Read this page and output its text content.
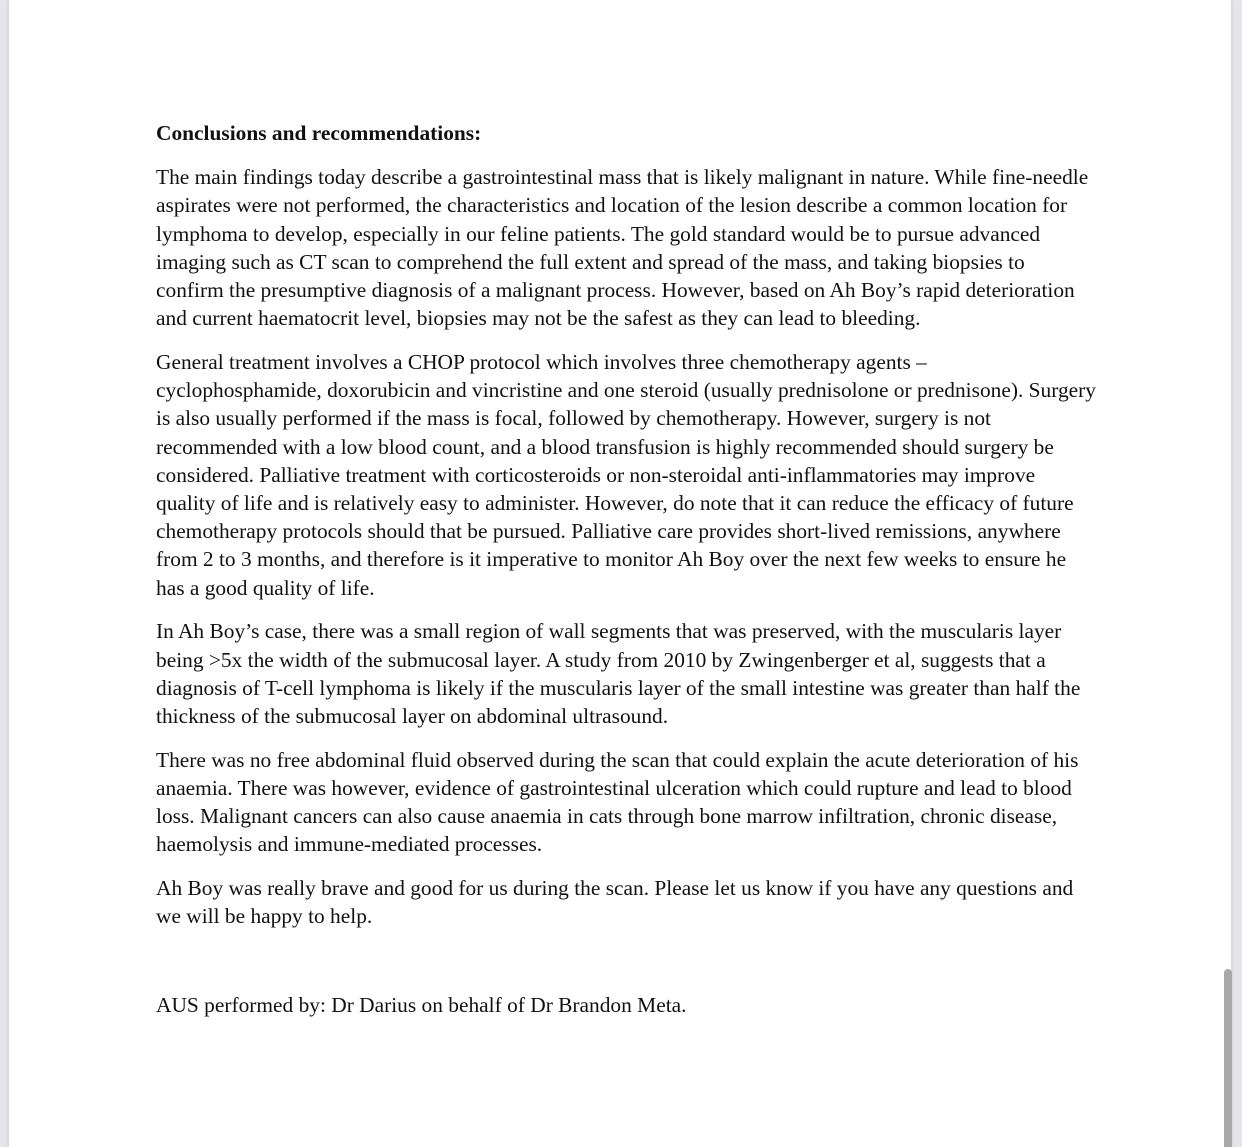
Conclusions and recommendations:

The main findings today describe a gastrointestinal mass that is likely malignant in nature. While fine-needle aspirates were not performed, the characteristics and location of the lesion describe a common location for lymphoma to develop, especially in our feline patients. The gold standard would be to pursue advanced imaging such as CT scan to comprehend the full extent and spread of the mass, and taking biopsies to confirm the presumptive diagnosis of a malignant process. However, based on Ah Boy’s rapid deterioration and current haematocrit level, biopsies may not be the safest as they can lead to bleeding.

General treatment involves a CHOP protocol which involves three chemotherapy agents – cyclophosphamide, doxorubicin and vincristine and one steroid (usually prednisolone or prednisone). Surgery is also usually performed if the mass is focal, followed by chemotherapy. However, surgery is not recommended with a low blood count, and a blood transfusion is highly recommended should surgery be considered. Palliative treatment with corticosteroids or non-steroidal anti-inflammatories may improve quality of life and is relatively easy to administer. However, do note that it can reduce the efficacy of future chemotherapy protocols should that be pursued. Palliative care provides short-lived remissions, anywhere from 2 to 3 months, and therefore is it imperative to monitor Ah Boy over the next few weeks to ensure he has a good quality of life.

In Ah Boy’s case, there was a small region of wall segments that was preserved, with the muscularis layer being >5x the width of the submucosal layer. A study from 2010 by Zwingenberger et al, suggests that a diagnosis of T-cell lymphoma is likely if the muscularis layer of the small intestine was greater than half the thickness of the submucosal layer on abdominal ultrasound.

There was no free abdominal fluid observed during the scan that could explain the acute deterioration of his anaemia. There was however, evidence of gastrointestinal ulceration which could rupture and lead to blood loss. Malignant cancers can also cause anaemia in cats through bone marrow infiltration, chronic disease, haemolysis and immune-mediated processes.

Ah Boy was really brave and good for us during the scan. Please let us know if you have any questions and we will be happy to help.

AUS performed by: Dr Darius on behalf of Dr Brandon Meta.
